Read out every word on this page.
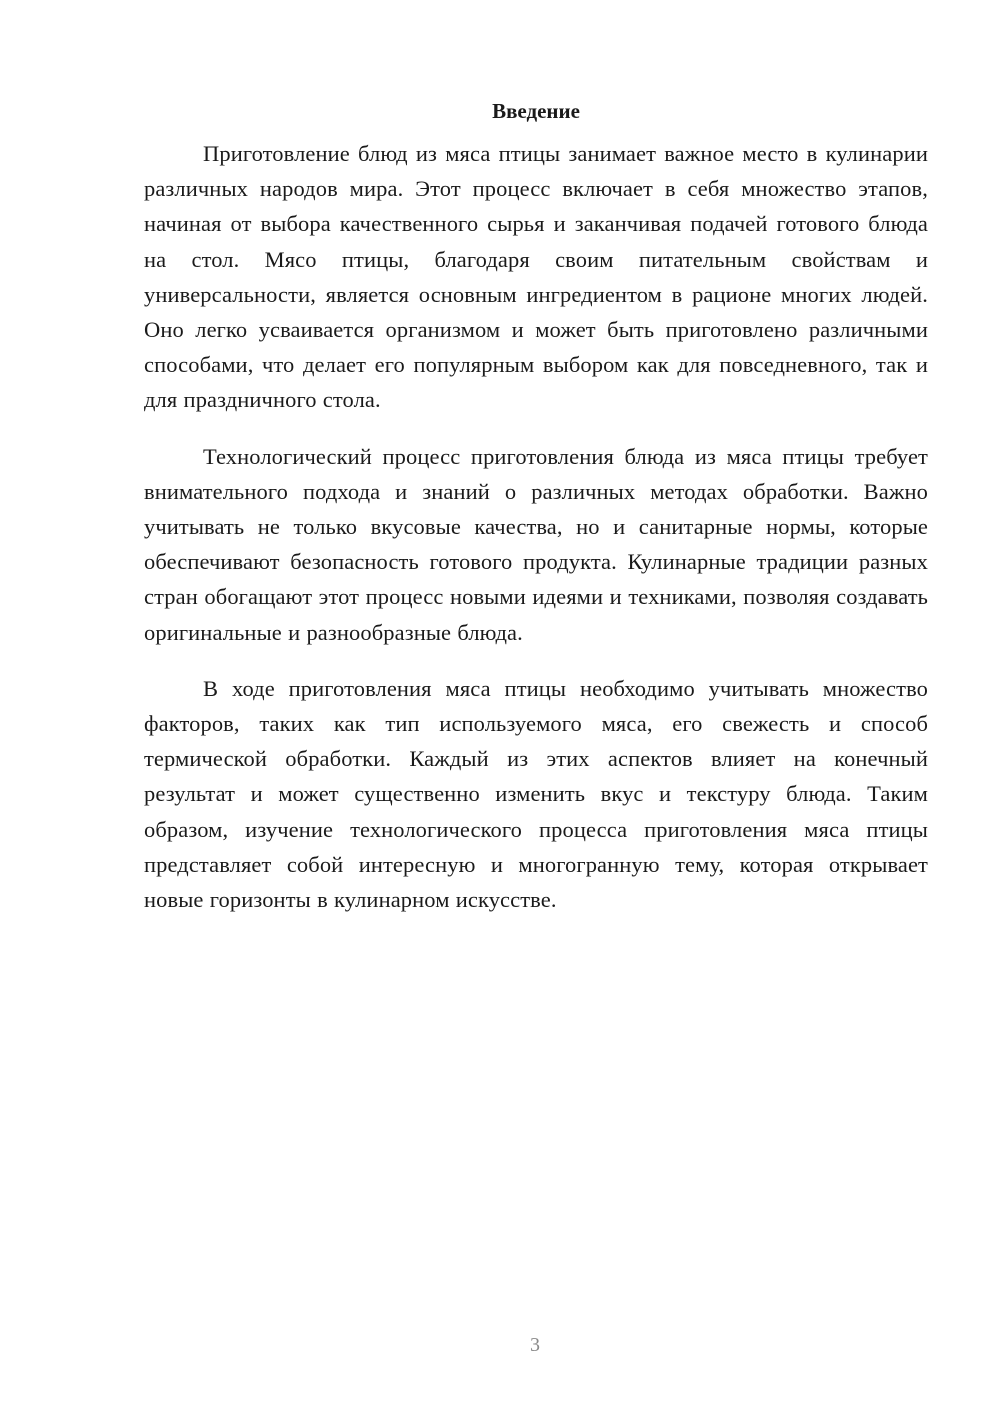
Введение

Приготовление блюд из мяса птицы занимает важное место в кулинарии различных народов мира. Этот процесс включает в себя множество этапов, начиная от выбора качественного сырья и заканчивая подачей готового блюда на стол. Мясо птицы, благодаря своим питательным свойствам и универсальности, является основным ингредиентом в рационе многих людей. Оно легко усваивается организмом и может быть приготовлено различными способами, что делает его популярным выбором как для повседневного, так и для праздничного стола.

Технологический процесс приготовления блюда из мяса птицы требует внимательного подхода и знаний о различных методах обработки. Важно учитывать не только вкусовые качества, но и санитарные нормы, которые обеспечивают безопасность готового продукта. Кулинарные традиции разных стран обогащают этот процесс новыми идеями и техниками, позволяя создавать оригинальные и разнообразные блюда.

В ходе приготовления мяса птицы необходимо учитывать множество факторов, таких как тип используемого мяса, его свежесть и способ термической обработки. Каждый из этих аспектов влияет на конечный результат и может существенно изменить вкус и текстуру блюда. Таким образом, изучение технологического процесса приготовления мяса птицы представляет собой интересную и многогранную тему, которая открывает новые горизонты в кулинарном искусстве.

3
